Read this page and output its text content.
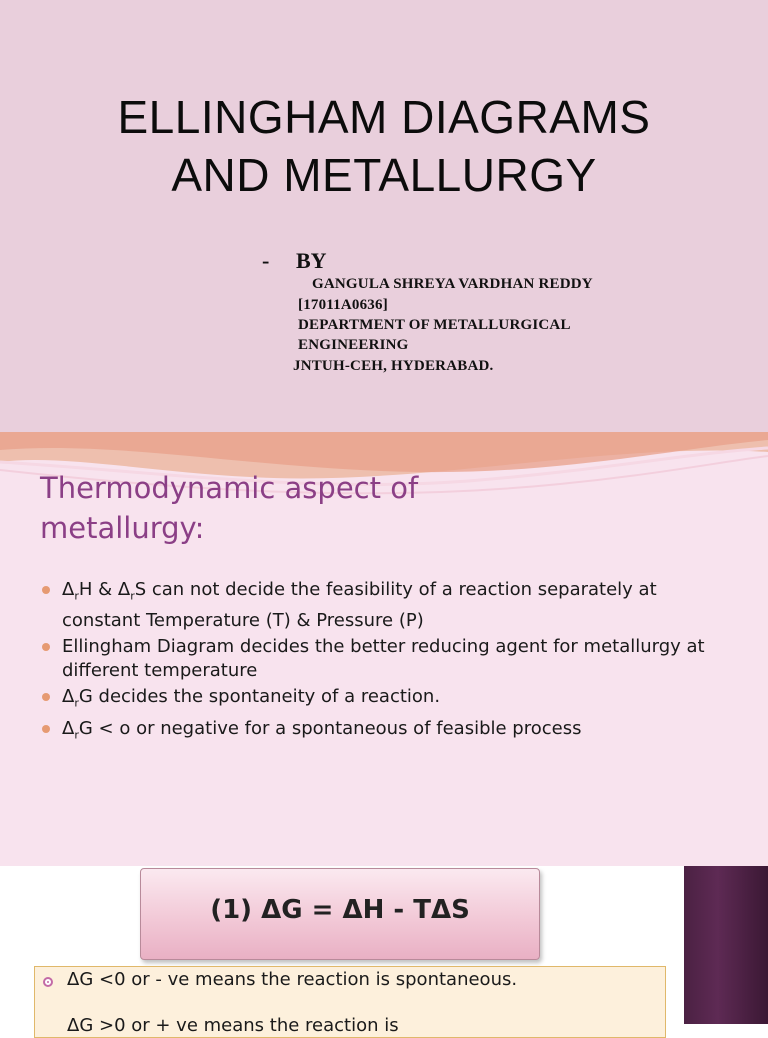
ELLINGHAM DIAGRAMS
AND METALLURGY
- BY
GANGULA SHREYA VARDHAN REDDY
[17011A0636]
DEPARTMENT OF METALLURGICAL
ENGINEERING
JNTUH-CEH, HYDERABAD.
Thermodynamic aspect of
metallurgy:
$\Delta_rH$ & $\Delta_rS$ can not decide the feasibility of a reaction separately at constant Temperature (T) & Pressure (P)
Ellingham Diagram decides the better reducing agent for metallurgy at different temperature
$\Delta_rG$ decides the spontaneity of a reaction.
$\Delta_rG < o$ or negative for a spontaneous of feasible process
(1) ΔG = ΔH - TΔS
ΔG <0 or - ve means the reaction is spontaneous.
ΔG >0 or + ve means the reaction is
